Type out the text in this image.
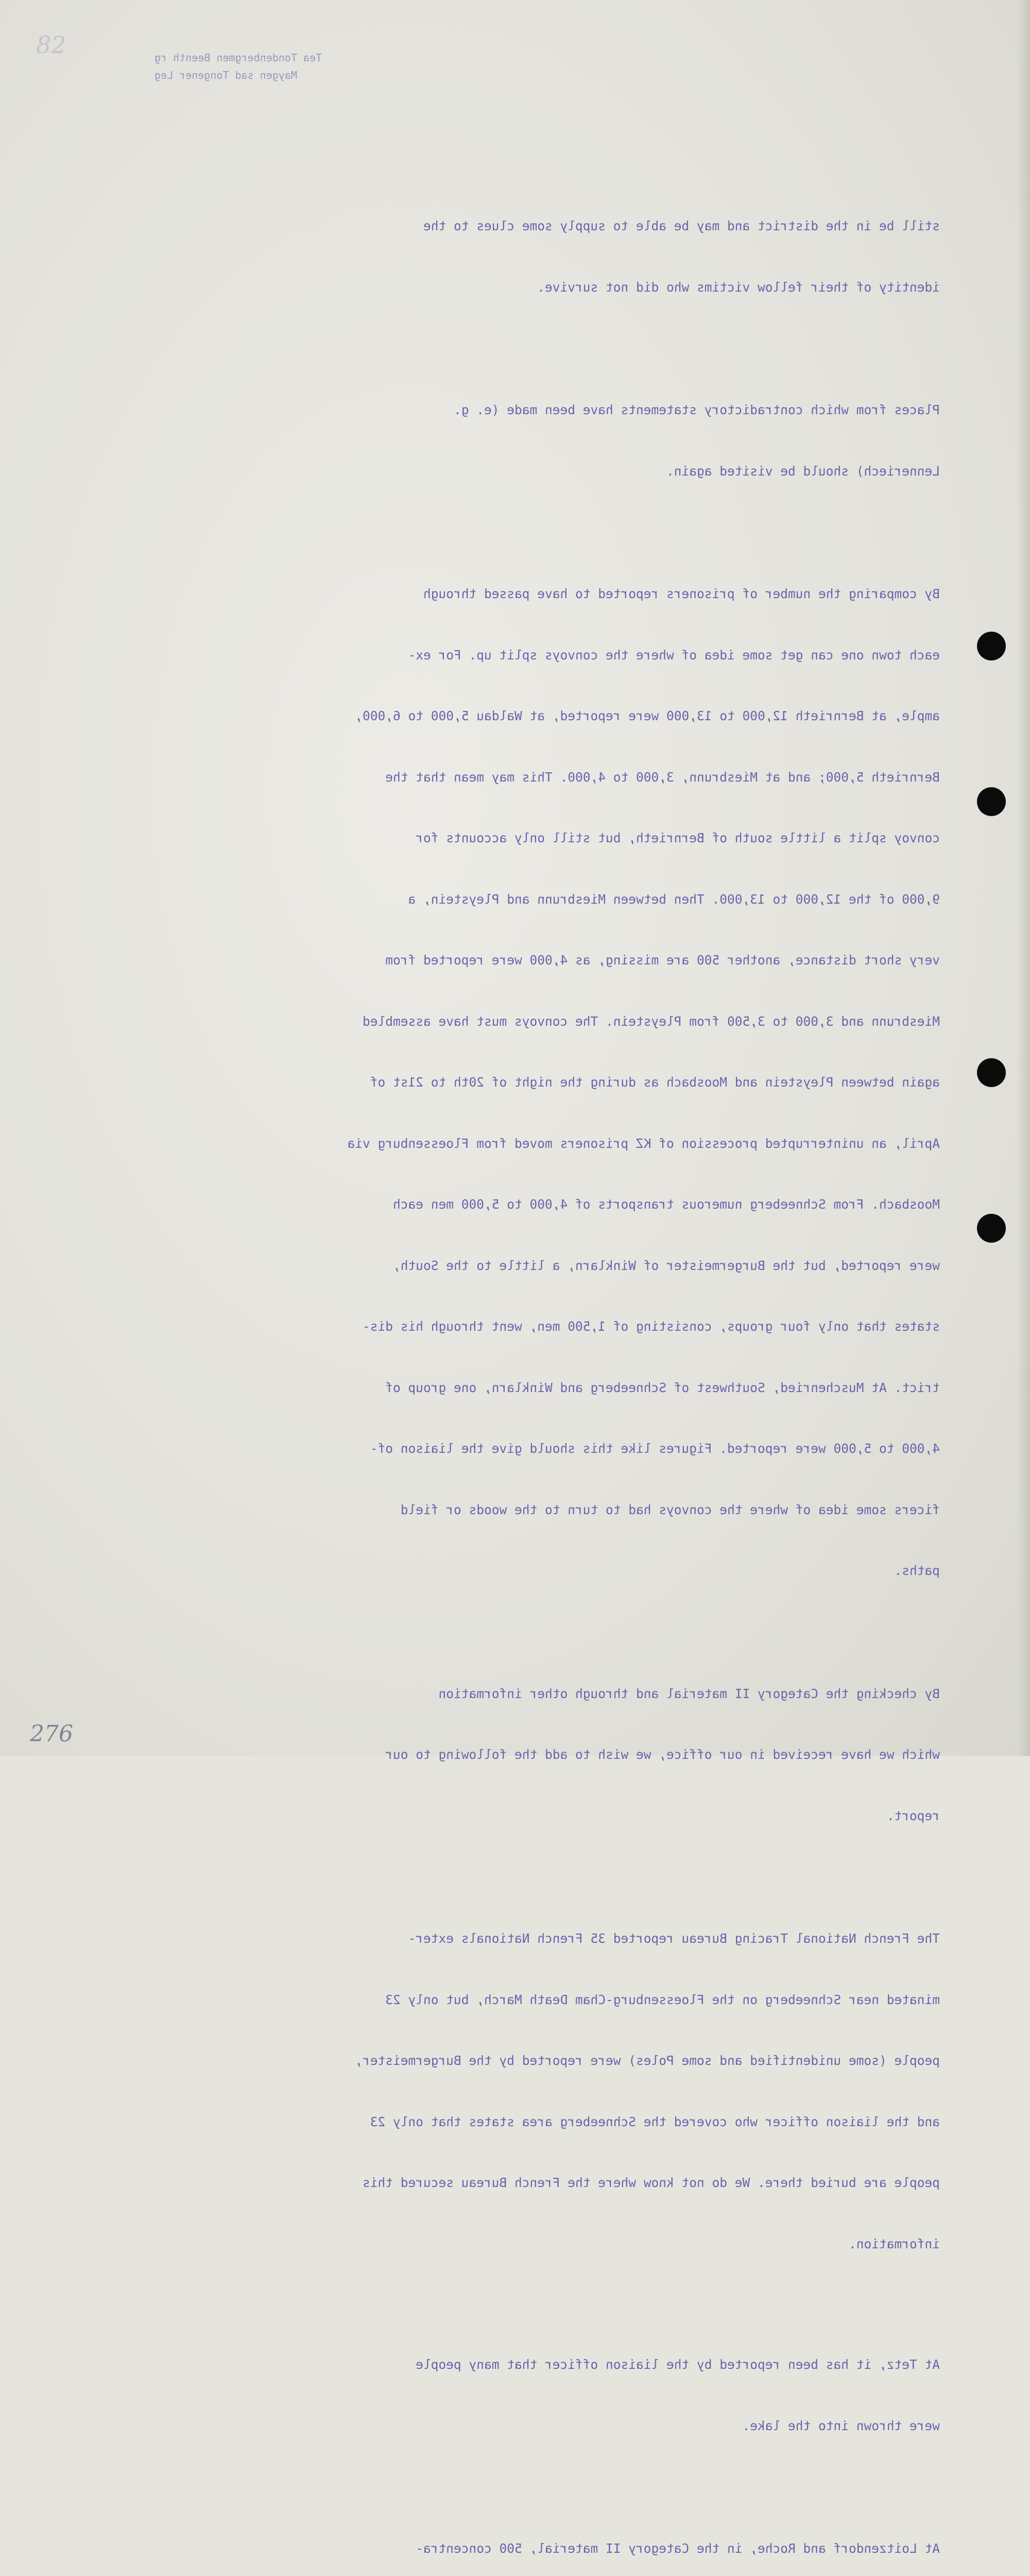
82	Tea Tondenbergmen Beenth rg
Maygen sad Tongener Leg

still be in the district and may be able to supply some clues to the

identity of their fellow victims who did not survive.

Places from which contradictory statements have been made (e. g.

Lenneriech) should be visited again.

By comparing the number of prisoners reported to have passed through

each town one can get some idea of where the convoys split up. For ex-

ample, at Bernrieth 12,000 to 13,000 were reported, at Waldau 5,000 to 6,000,

Bernrieth 5,000; and at Miesbrunn, 3,000 to 4,000. This may mean that the

convoy split a little south of Bernrieth, but still only accounts for

9,000 of the 12,000 to 13,000. Then between Miesbrunn and Pleystein, a

very short distance, another 500 are missing, as 4,000 were reported from

Miesbrunn and 3,000 to 3,500 from Pleystein. The convoys must have assembled

again between Pleystein and Moosbach as during the night of 20th to 21st of

April, an uninterrupted procession of KZ prisoners moved from Floessenburg via

Moosbach. From Schneeberg numerous transports of 4,000 to 5,000 men each

were reported, but the Burgermeister of Winklarn, a little to the South,

states that only four groups, consisting of 1,500 men, went through his dis-

trict. At Muschenried, Southwest of Schneeberg and Winklarn, one group of

4,000 to 5,000 were reported. Figures like this should give the liaison of-

ficers some idea of where the convoys had to turn to the woods or field

paths.

By checking the Category II material and through other information

which we have received in our office, we wish to add the following to our

report.

The French National Tracing Bureau reported 35 French Nationals exter-

minated near Schneeberg on the Floessenburg-Cham Death March, but only 23

people (some unidentified and some Poles) were reported by the Burgermeister,

and the liaison officer who covered the Schneeberg area states that only 23

people are buried there. We do not know where the French Bureau secured this

information.

At Tetz, it has been reported by the liaison officer that many people

were thrown into the lake.

At Loitzendorf and Roche, in the Category II material, 500 concentra-

276
